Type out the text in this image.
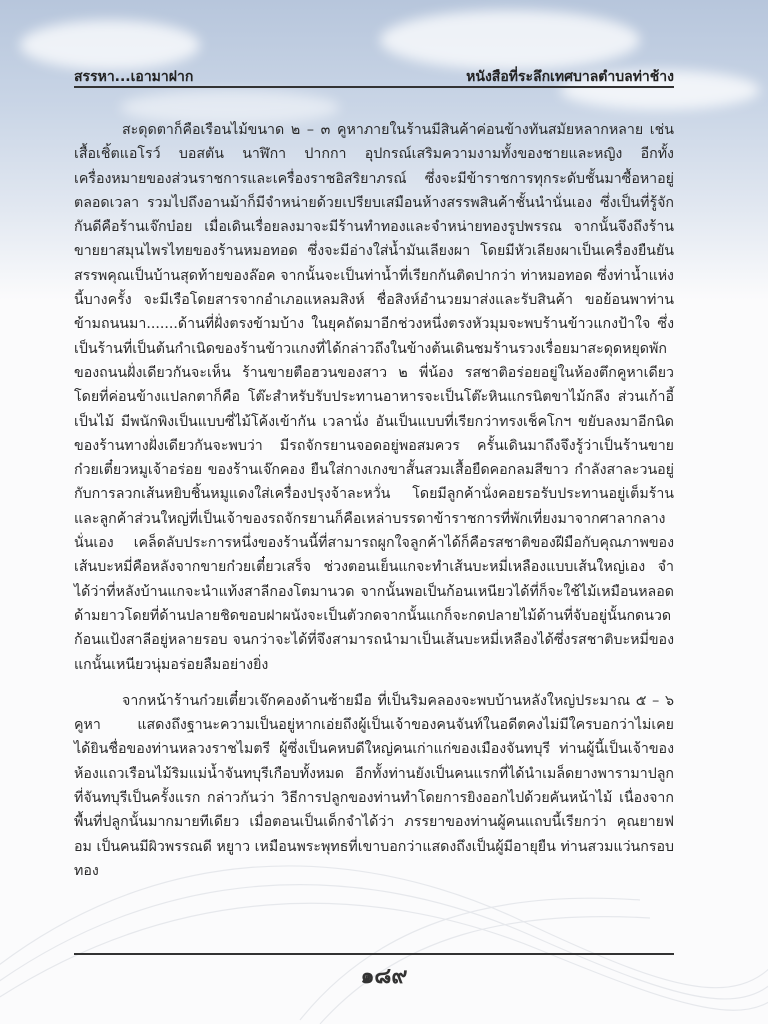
สรรหา...เอามาฝาก	หนังสือที่ระลึกเทศบาลตำบลท่าช้าง

สะดุดตาก็คือเรือนไม้ขนาด ๒ – ๓ คูหาภายในร้านมีสินค้าค่อนข้างทันสมัยหลากหลาย เช่น เสื้อเชิ้ตแอโรว์ บอสตัน นาฬิกา ปากกา อุปกรณ์เสริมความงามทั้งของชายและหญิง อีกทั้งเครื่องหมายของส่วนราชการและเครื่องราชอิสริยาภรณ์ ซึ่งจะมีข้าราชการทุกระดับชั้นมาซื้อหาอยู่ตลอดเวลา รวมไปถึงอานม้าก็มีจำหน่ายด้วยเปรียบเสมือนห้างสรรพสินค้าชั้นนำนั่นเอง ซึ่งเป็นที่รู้จักกันดีคือร้านเจ๊กบ๋อย เมื่อเดินเรื่อยลงมาจะมีร้านทำทองและจำหน่ายทองรูปพรรณ จากนั้นจึงถึงร้านขายยาสมุนไพรไทยของร้านหมอทอด ซึ่งจะมีอ่างใส่น้ำมันเลียงผา โดยมีหัวเลียงผาเป็นเครื่องยืนยันสรรพคุณเป็นบ้านสุดท้ายของล๊อค จากนั้นจะเป็นท่าน้ำที่เรียกกันติดปากว่า ท่าหมอทอด ซึ่งท่าน้ำแห่งนี้บางครั้ง จะมีเรือโดยสารจากอำเภอแหลมสิงห์ ชื่อสิงห์อำนวยมาส่งและรับสินค้า ขอย้อนพาท่านข้ามถนนมา.......ด้านที่ฝั่งตรงข้ามบ้าง ในยุคถัดมาอีกช่วงหนึ่งตรงหัวมุมจะพบร้านข้าวแกงป้าใจ ซึ่งเป็นร้านที่เป็นต้นกำเนิดของร้านข้าวแกงที่ได้กล่าวถึงในข้างต้นเดินชมร้านรวงเรื่อยมาสะดุดหยุดพักของถนนฝั่งเดียวกันจะเห็น ร้านขายตือฮวนของสาว ๒ พี่น้อง รสชาติอร่อยอยู่ในห้องตึกคูหาเดียว โดยที่ค่อนข้างแปลกตาก็คือ โต๊ะสำหรับรับประทานอาหารจะเป็นโต๊ะหินแกรนิตขาไม้กลึง ส่วนเก้าอี้เป็นไม้ มีพนักพิงเป็นแบบซี่ไม้โค้งเข้ากัน เวลานั่ง อันเป็นแบบที่เรียกว่าทรงเช็คโกฯ ขยับลงมาอีกนิดของร้านทางฝั่งเดียวกันจะพบว่า มีรถจักรยานจอดอยู่พอสมควร ครั้นเดินมาถึงจึงรู้ว่าเป็นร้านขายก๋วยเตี๋ยวหมูเจ้าอร่อย ของร้านเจ๊กคอง ยืนใส่กางเกงขาสั้นสวมเสื้อยืดคอกลมสีขาว กำลังสาละวนอยู่กับการลวกเส้นหยิบชิ้นหมูแดงใส่เครื่องปรุงจ้าละหวั่น โดยมีลูกค้านั่งคอยรอรับประทานอยู่เต็มร้านและลูกค้าส่วนใหญ่ที่เป็นเจ้าของรถจักรยานก็คือเหล่าบรรดาข้าราชการที่พักเที่ยงมาจากศาลากลางนั่นเอง เคล็ดลับประการหนึ่งของร้านนี้ที่สามารถผูกใจลูกค้าได้ก็คือรสชาติของฝีมือกับคุณภาพของเส้นบะหมี่คือหลังจากขายก๋วยเตี๋ยวเสร็จ ช่วงตอนเย็นแกจะทำเส้นบะหมี่เหลืองแบบเส้นใหญ่เอง จำได้ว่าที่หลังบ้านแกจะนำแท้งสาลีกองโตมานวด จากนั้นพอเป็นก้อนเหนียวได้ที่ก็จะใช้ไม้เหมือนหลอดด้ามยาวโดยที่ด้านปลายชิดขอบฝาผนังจะเป็นตัวกดจากนั้นแกก็จะกดปลายไม้ด้านที่จับอยู่นั้นกดนวดก้อนแป้งสาลีอยู่หลายรอบ จนกว่าจะได้ที่จึงสามารถนำมาเป็นเส้นบะหมี่เหลืองได้ซึ่งรสชาติบะหมี่ของแกนั้นเหนียวนุ่มอร่อยลืมอย่างยิ่ง

จากหน้าร้านก๋วยเตี๋ยวเจ๊กคองด้านซ้ายมือ ที่เป็นริมคลองจะพบบ้านหลังใหญ่ประมาณ ๕ – ๖ คูหา แสดงถึงฐานะความเป็นอยู่หากเอ่ยถึงผู้เป็นเจ้าของคนจันท์ในอดีตคงไม่มีใครบอกว่าไม่เคย ได้ยินชื่อของท่านหลวงราชไมตรี ผู้ซึ่งเป็นคหบดีใหญ่คนเก่าแก่ของเมืองจันทบุรี ท่านผู้นี้เป็นเจ้าของห้องแถวเรือนไม้ริมแม่น้ำจันทบุรีเกือบทั้งหมด อีกทั้งท่านยังเป็นคนแรกที่ได้นำเมล็ดยางพารามาปลูกที่จันทบุรีเป็นครั้งแรก กล่าวกันว่า วิธีการปลูกของท่านทำโดยการยิงออกไปด้วยคันหน้าไม้ เนื่องจากพื้นที่ปลูกนั้นมากมายทีเดียว เมื่อตอนเป็นเด็กจำได้ว่า ภรรยาของท่านผู้คนแถบนี้เรียกว่า คุณยายฟอม เป็นคนมีผิวพรรณดี หยูาว เหมือนพระพุทธที่เขาบอกว่าแสดงถึงเป็นผู้มีอายุยืน ท่านสวมแว่นกรอบทอง

๑๘๙
